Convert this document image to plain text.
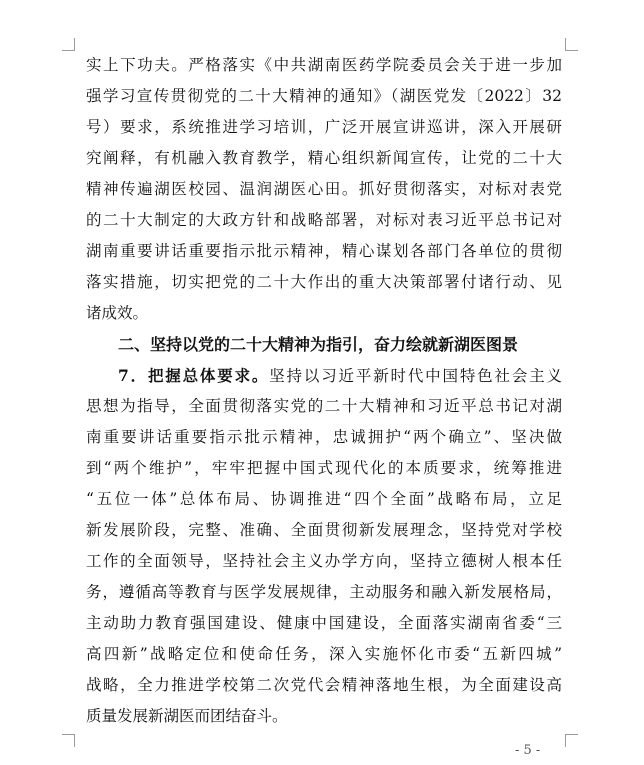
实上下功夫。严格落实《中共湖南医药学院委员会关于进一步加
强学习宣传贯彻党的二十大精神的通知》（湖医党发〔2022〕32
号）要求，系统推进学习培训，广泛开展宣讲巡讲，深入开展研
究阐释，有机融入教育教学，精心组织新闻宣传，让党的二十大
精神传遍湖医校园、温润湖医心田。抓好贯彻落实，对标对表党
的二十大制定的大政方针和战略部署，对标对表习近平总书记对
湖南重要讲话重要指示批示精神，精心谋划各部门各单位的贯彻
落实措施，切实把党的二十大作出的重大决策部署付诸行动、见
诸成效。
二、坚持以党的二十大精神为指引，奋力绘就新湖医图景
7．把握总体要求。坚持以习近平新时代中国特色社会主义
思想为指导，全面贯彻落实党的二十大精神和习近平总书记对湖
南重要讲话重要指示批示精神，忠诚拥护“两个确立”、坚决做
到“两个维护”，牢牢把握中国式现代化的本质要求，统筹推进
“五位一体”总体布局、协调推进“四个全面”战略布局，立足
新发展阶段，完整、准确、全面贯彻新发展理念，坚持党对学校
工作的全面领导，坚持社会主义办学方向，坚持立德树人根本任
务，遵循高等教育与医学发展规律，主动服务和融入新发展格局，
主动助力教育强国建设、健康中国建设，全面落实湖南省委“三
高四新”战略定位和使命任务，深入实施怀化市委“五新四城”
战略，全力推进学校第二次党代会精神落地生根，为全面建设高
质量发展新湖医而团结奋斗。
- 5 -
